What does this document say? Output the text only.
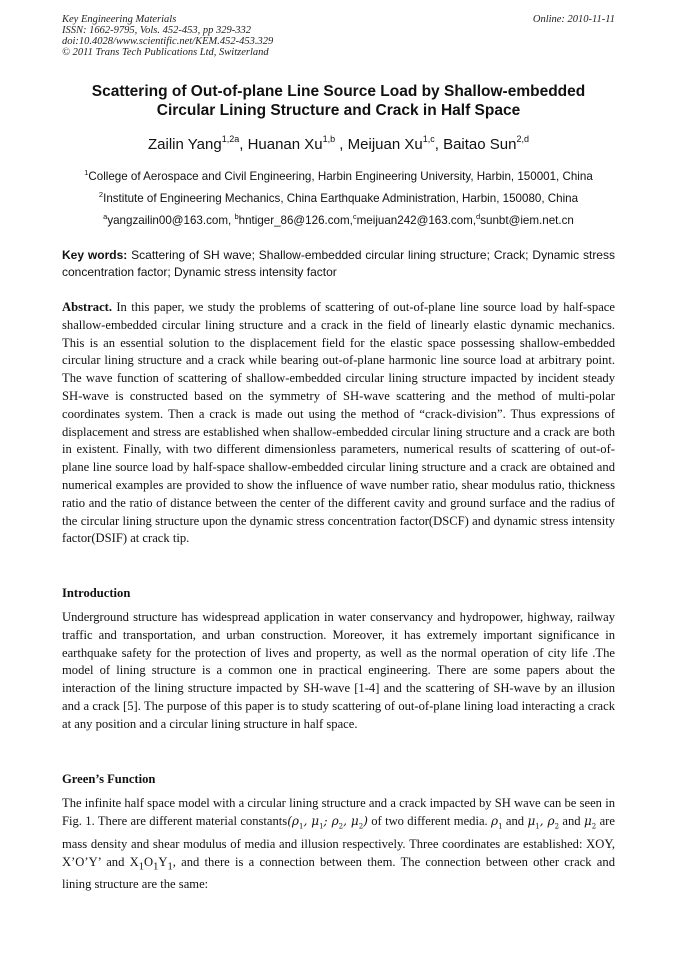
Key Engineering Materials
ISSN: 1662-9795, Vols. 452-453, pp 329-332
doi:10.4028/www.scientific.net/KEM.452-453.329
© 2011 Trans Tech Publications Ltd, Switzerland
Online: 2010-11-11
Scattering of Out-of-plane Line Source Load by Shallow-embedded
Circular Lining Structure and Crack in Half Space
Zailin Yang$^{1,2a}$, Huanan Xu$^{1,b}$ , Meijuan Xu$^{1,c}$, Baitao Sun$^{2,d}$
$^1$College of Aerospace and Civil Engineering, Harbin Engineering University, Harbin, 150001, China
$^2$Institute of Engineering Mechanics, China Earthquake Administration, Harbin, 150080, China
$^a$yangzailin00@163.com, $^b$hntiger_86@126.com,$^c$meijuan242@163.com,$^d$sunbt@iem.net.cn
Key words: Scattering of SH wave; Shallow-embedded circular lining structure; Crack; Dynamic stress concentration factor; Dynamic stress intensity factor
Abstract. In this paper, we study the problems of scattering of out-of-plane line source load by half-space shallow-embedded circular lining structure and a crack in the field of linearly elastic dynamic mechanics. This is an essential solution to the displacement field for the elastic space possessing shallow-embedded circular lining structure and a crack while bearing out-of-plane harmonic line source load at arbitrary point. The wave function of scattering of shallow-embedded circular lining structure impacted by incident steady SH-wave is constructed based on the symmetry of SH-wave scattering and the method of multi-polar coordinates system. Then a crack is made out using the method of “crack-division”. Thus expressions of displacement and stress are established when shallow-embedded circular lining structure and a crack are both in existent. Finally, with two different dimensionless parameters, numerical results of scattering of out-of-plane line source load by half-space shallow-embedded circular lining structure and a crack are obtained and numerical examples are provided to show the influence of wave number ratio, shear modulus ratio, thickness ratio and the ratio of distance between the center of the different cavity and ground surface and the radius of the circular lining structure upon the dynamic stress concentration factor(DSCF) and dynamic stress intensity factor(DSIF) at crack tip.
Introduction
Underground structure has widespread application in water conservancy and hydropower, highway, railway traffic and transportation, and urban construction. Moreover, it has extremely important significance in earthquake safety for the protection of lives and property, as well as the normal operation of city life .The model of lining structure is a common one in practical engineering. There are some papers about the interaction of the lining structure impacted by SH-wave [1-4] and the scattering of SH-wave by an illusion and a crack [5]. The purpose of this paper is to study scattering of out-of-plane lining load interacting a crack at any position and a circular lining structure in half space.
Green’s Function
The infinite half space model with a circular lining structure and a crack impacted by SH wave can be seen in Fig. 1. There are different material $constants(\rho_1$, $\mu_1$; $\rho_2$, $\mu_2$) of two different media. $\rho_1$ and $\mu_1$, $\rho_2$ and $\mu_2$ are mass density and shear modulus of media and illusion respectively. Three coordinates are established: XOY, X’O’Y’ and $X_1O_1Y_1$, and there is a connection between them. The connection between other crack and lining structure are the same:
